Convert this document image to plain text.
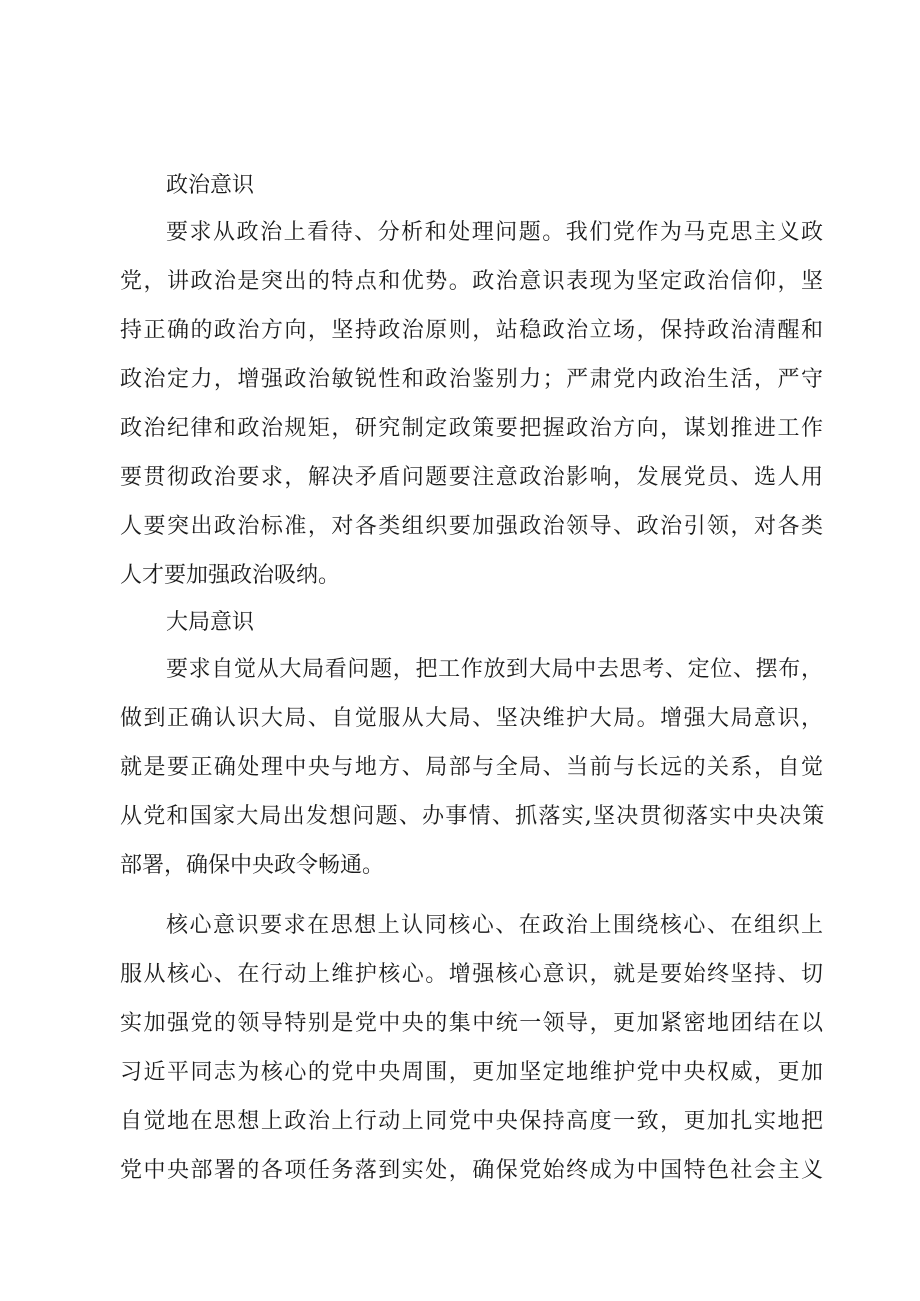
政治意识
要求从政治上看待、分析和处理问题。我们党作为马克思主义政
党，讲政治是突出的特点和优势。政治意识表现为坚定政治信仰，坚
持正确的政治方向，坚持政治原则，站稳政治立场，保持政治清醒和
政治定力，增强政治敏锐性和政治鉴别力；严肃党内政治生活，严守
政治纪律和政治规矩，研究制定政策要把握政治方向，谋划推进工作
要贯彻政治要求，解决矛盾问题要注意政治影响，发展党员、选人用
人要突出政治标准，对各类组织要加强政治领导、政治引领，对各类
人才要加强政治吸纳。
大局意识
要求自觉从大局看问题，把工作放到大局中去思考、定位、摆布，
做到正确认识大局、自觉服从大局、坚决维护大局。增强大局意识，
就是要正确处理中央与地方、局部与全局、当前与长远的关系，自觉
从党和国家大局出发想问题、办事情、抓落实,坚决贯彻落实中央决策
部署，确保中央政令畅通。
核心意识要求在思想上认同核心、在政治上围绕核心、在组织上
服从核心、在行动上维护核心。增强核心意识，就是要始终坚持、切
实加强党的领导特别是党中央的集中统一领导，更加紧密地团结在以
习近平同志为核心的党中央周围，更加坚定地维护党中央权威，更加
自觉地在思想上政治上行动上同党中央保持高度一致，更加扎实地把
党中央部署的各项任务落到实处，确保党始终成为中国特色社会主义
